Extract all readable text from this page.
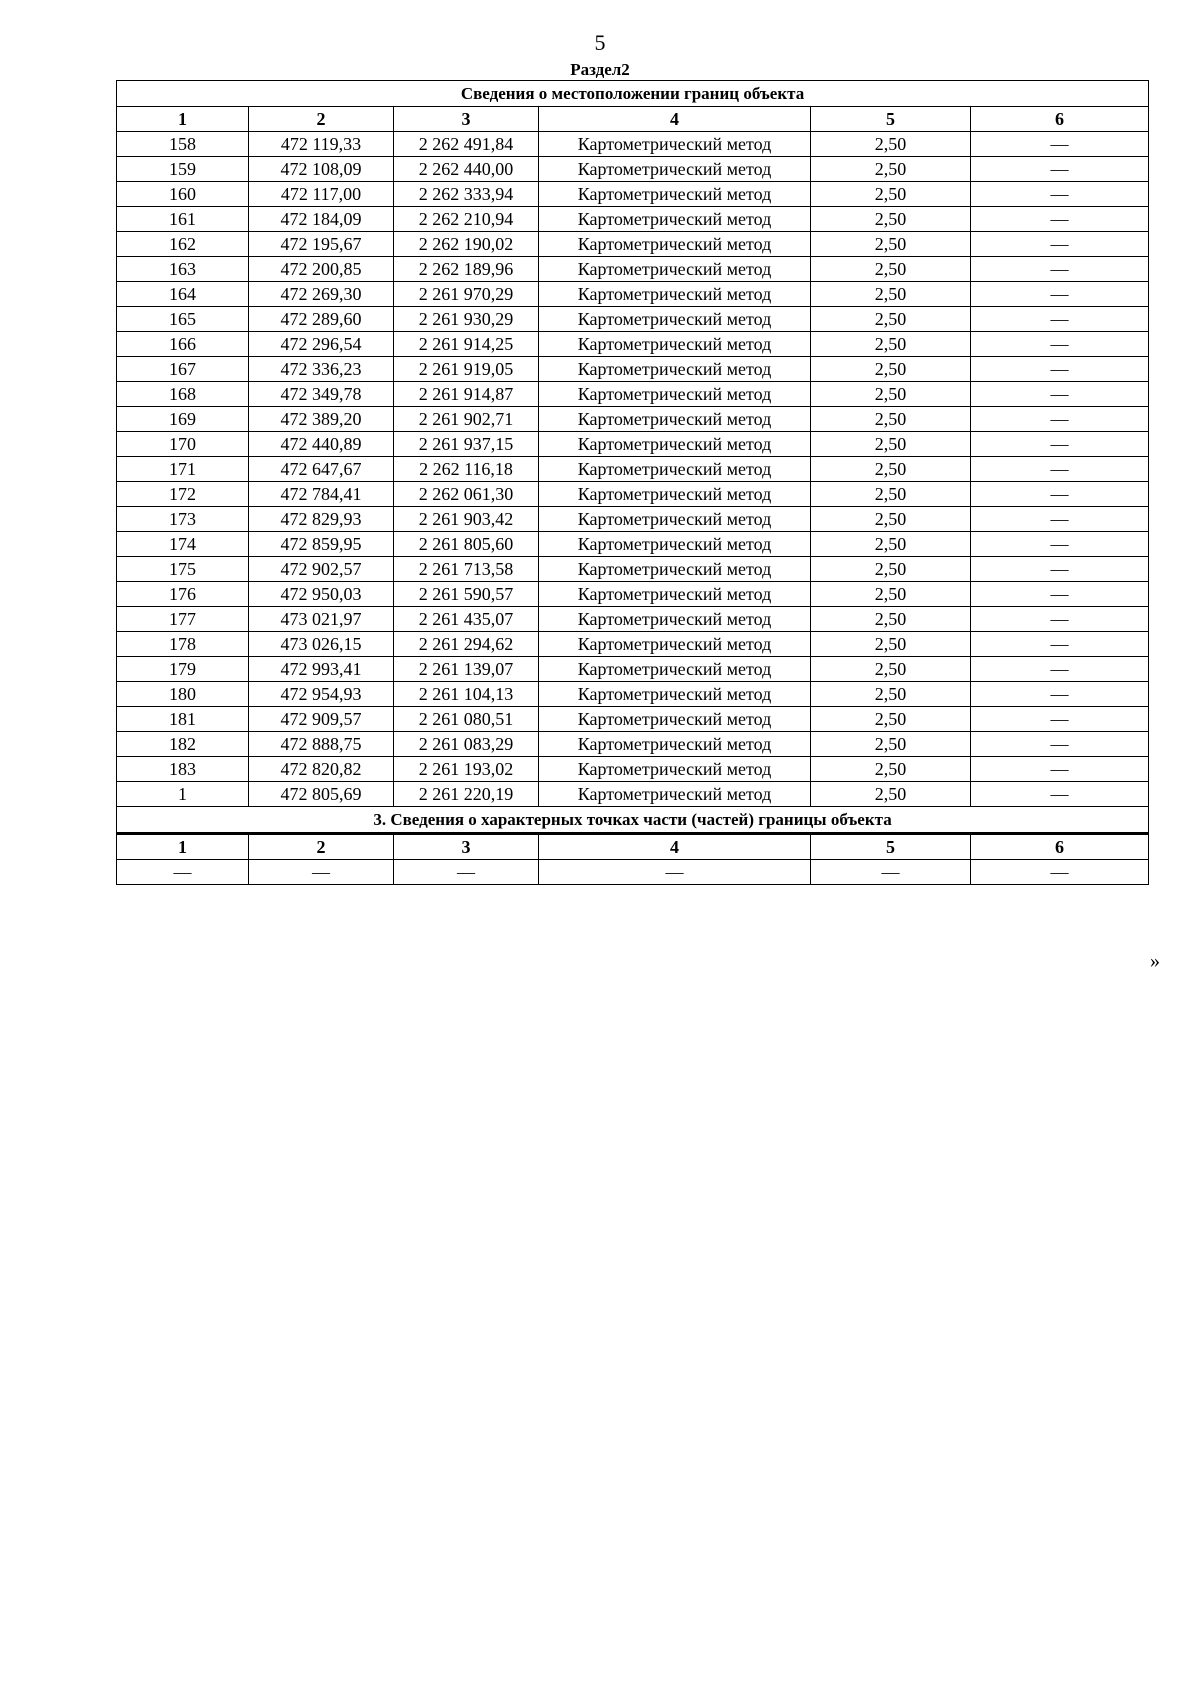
5
Раздел2
Сведения о местоположении границ объекта					
1	2	3	4	5	6
158	472 119,33	2 262 491,84	Картометрический метод	2,50	—
159	472 108,09	2 262 440,00	Картометрический метод	2,50	—
160	472 117,00	2 262 333,94	Картометрический метод	2,50	—
161	472 184,09	2 262 210,94	Картометрический метод	2,50	—
162	472 195,67	2 262 190,02	Картометрический метод	2,50	—
163	472 200,85	2 262 189,96	Картометрический метод	2,50	—
164	472 269,30	2 261 970,29	Картометрический метод	2,50	—
165	472 289,60	2 261 930,29	Картометрический метод	2,50	—
166	472 296,54	2 261 914,25	Картометрический метод	2,50	—
167	472 336,23	2 261 919,05	Картометрический метод	2,50	—
168	472 349,78	2 261 914,87	Картометрический метод	2,50	—
169	472 389,20	2 261 902,71	Картометрический метод	2,50	—
170	472 440,89	2 261 937,15	Картометрический метод	2,50	—
171	472 647,67	2 262 116,18	Картометрический метод	2,50	—
172	472 784,41	2 262 061,30	Картометрический метод	2,50	—
173	472 829,93	2 261 903,42	Картометрический метод	2,50	—
174	472 859,95	2 261 805,60	Картометрический метод	2,50	—
175	472 902,57	2 261 713,58	Картометрический метод	2,50	—
176	472 950,03	2 261 590,57	Картометрический метод	2,50	—
177	473 021,97	2 261 435,07	Картометрический метод	2,50	—
178	473 026,15	2 261 294,62	Картометрический метод	2,50	—
179	472 993,41	2 261 139,07	Картометрический метод	2,50	—
180	472 954,93	2 261 104,13	Картометрический метод	2,50	—
181	472 909,57	2 261 080,51	Картометрический метод	2,50	—
182	472 888,75	2 261 083,29	Картометрический метод	2,50	—
183	472 820,82	2 261 193,02	Картометрический метод	2,50	—
1	472 805,69	2 261 220,19	Картометрический метод	2,50	—
3. Сведения о характерных точках части (частей) границы объекта					
1	2	3	4	5	6
—	—	—	—	—	—
»
